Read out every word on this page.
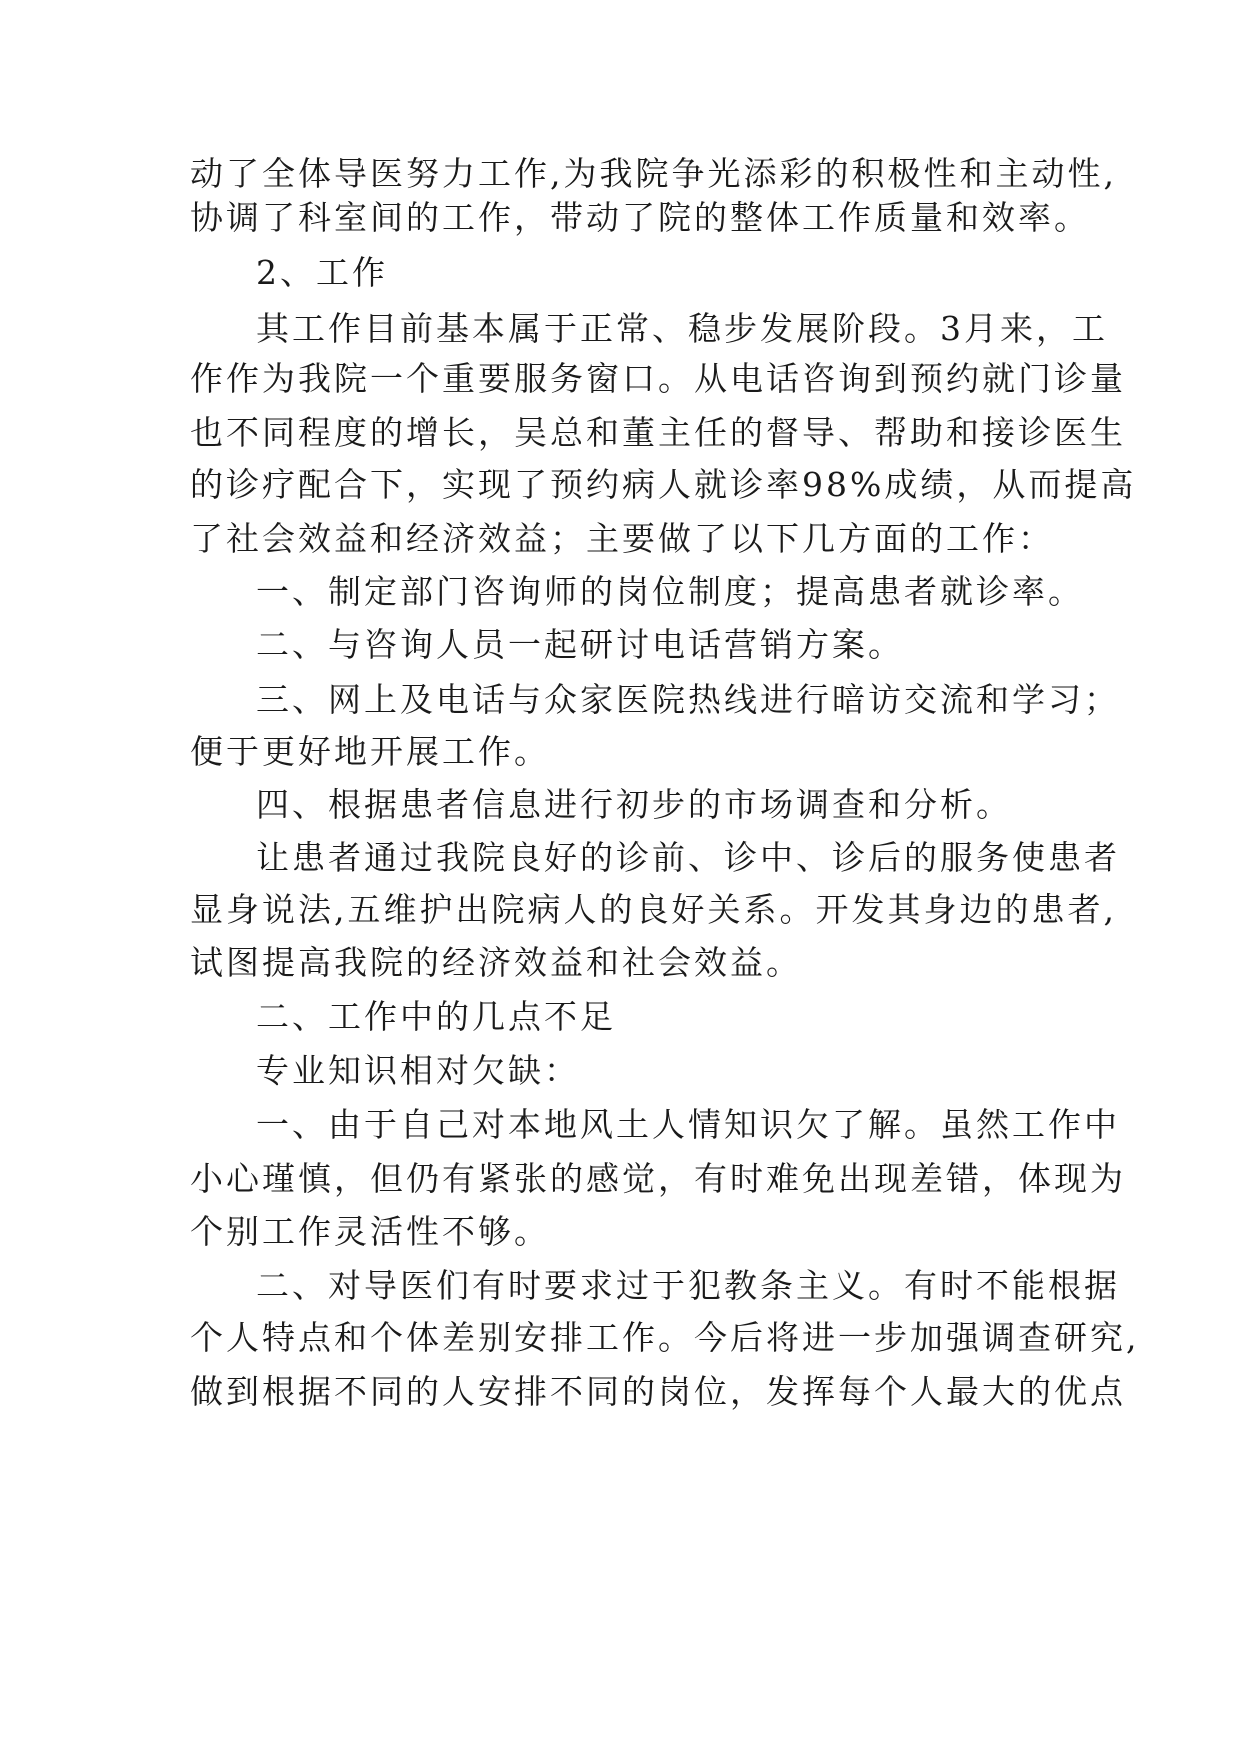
动了全体导医努力工作,为我院争光添彩的积极性和主动性,
协调了科室间的工作，带动了院的整体工作质量和效率。
2、工作
其工作目前基本属于正常、稳步发展阶段。3月来，工
作作为我院一个重要服务窗口。从电话咨询到预约就门诊量
也不同程度的增长，吴总和董主任的督导、帮助和接诊医生
的诊疗配合下，实现了预约病人就诊率98%成绩，从而提高
了社会效益和经济效益；主要做了以下几方面的工作：
一、制定部门咨询师的岗位制度；提高患者就诊率。
二、与咨询人员一起研讨电话营销方案。
三、网上及电话与众家医院热线进行暗访交流和学习；
便于更好地开展工作。
四、根据患者信息进行初步的市场调查和分析。
让患者通过我院良好的诊前、诊中、诊后的服务使患者
显身说法,五维护出院病人的良好关系。开发其身边的患者,
试图提高我院的经济效益和社会效益。
二、工作中的几点不足
专业知识相对欠缺：
一、由于自己对本地风土人情知识欠了解。虽然工作中
小心瑾慎，但仍有紧张的感觉，有时难免出现差错，体现为
个别工作灵活性不够。
二、对导医们有时要求过于犯教条主义。有时不能根据
个人特点和个体差别安排工作。今后将进一步加强调查研究,
做到根据不同的人安排不同的岗位，发挥每个人最大的优点
